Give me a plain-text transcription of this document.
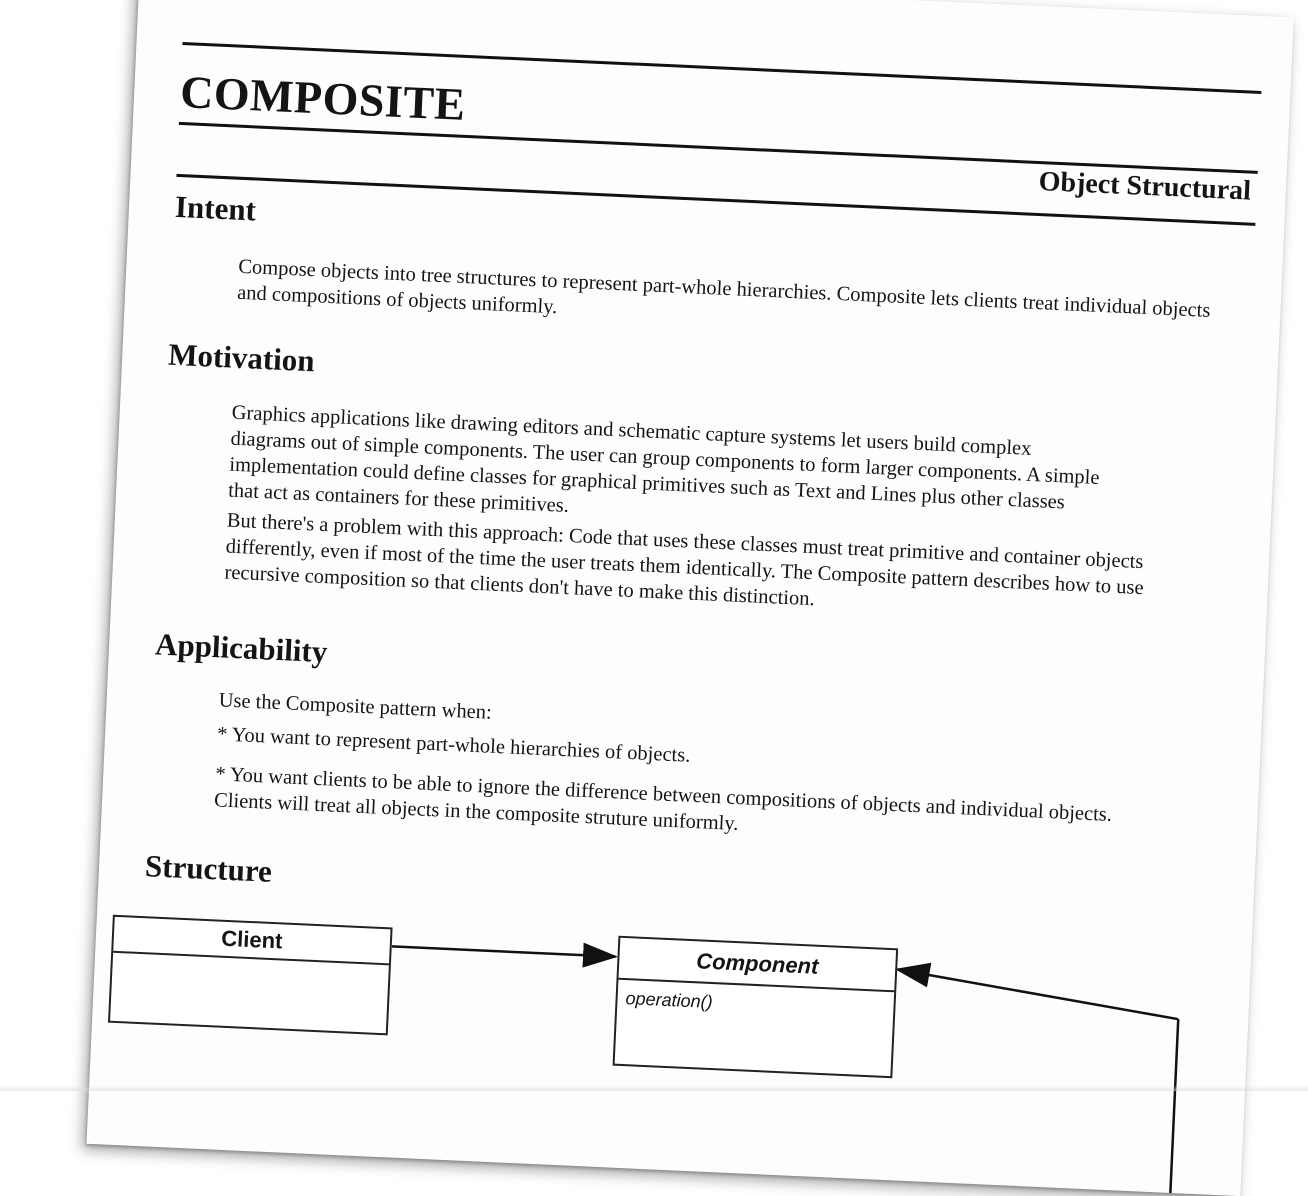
COMPOSITE
Object Structural
Intent

Compose objects into tree structures to represent part-whole hierarchies. Composite lets clients treat individual objects and compositions of objects uniformly.

Motivation

Graphics applications like drawing editors and schematic capture systems let users build complex diagrams out of simple components. The user can group components to form larger components. A simple implementation could define classes for graphical primitives such as Text and Lines plus other classes that act as containers for these primitives.

But there's a problem with this approach: Code that uses these classes must treat primitive and container objects differently, even if most of the time the user treats them identically. The Composite pattern describes how to use recursive composition so that clients don't have to make this distinction.

Applicability

Use the Composite pattern when:

* You want to represent part-whole hierarchies of objects.

* You want clients to be able to ignore the difference between compositions of objects and individual objects. Clients will treat all objects in the composite struture uniformly.

Structure
Client
Component
operation()
